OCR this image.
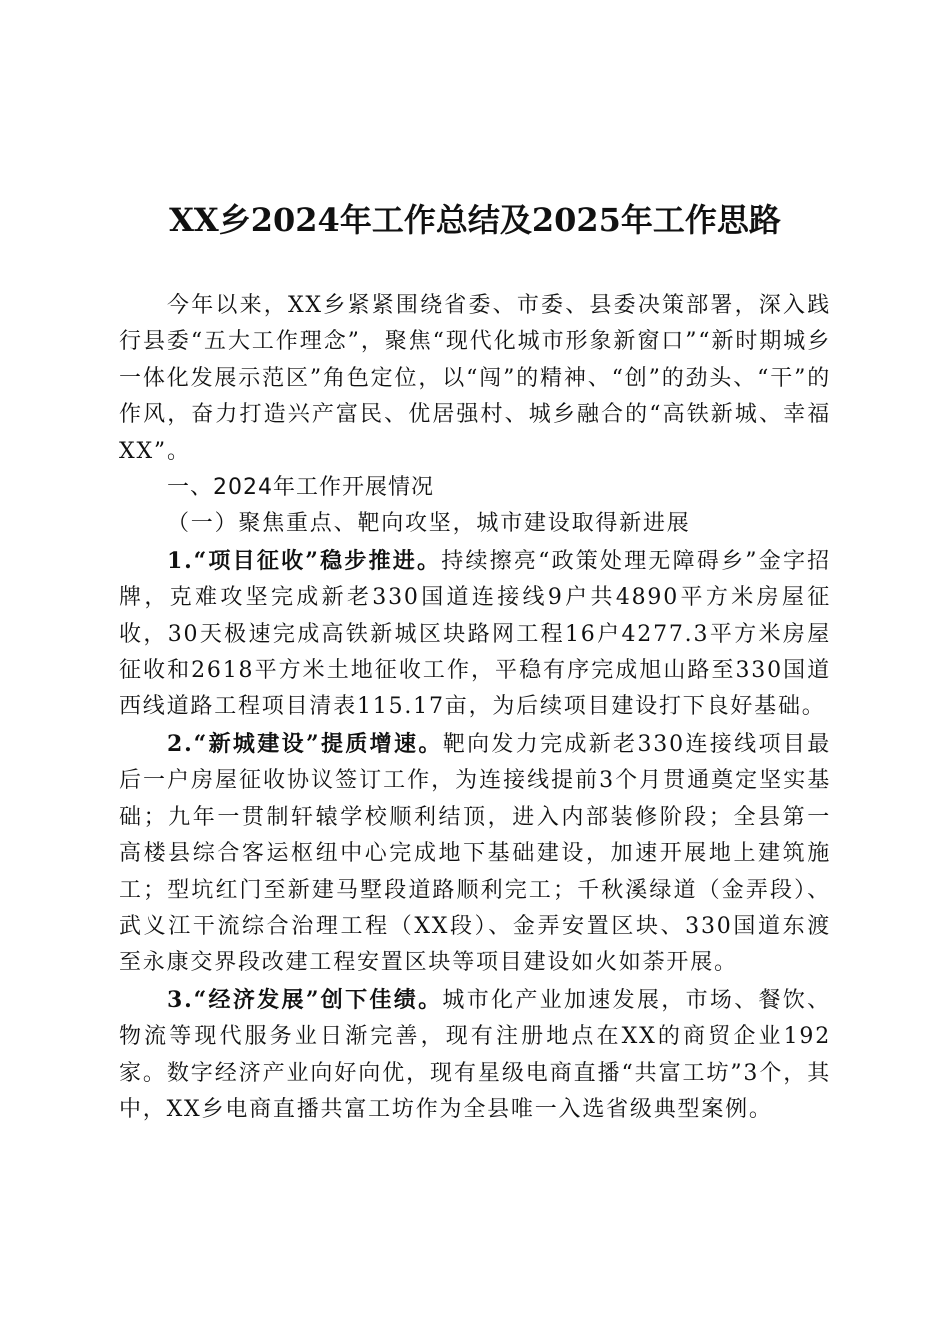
XX乡2024年工作总结及2025年工作思路

今年以来，XX乡紧紧围绕省委、市委、县委决策部署，深入践行县委“五大工作理念”，聚焦“现代化城市形象新窗口”“新时期城乡一体化发展示范区”角色定位，以“闯”的精神、“创”的劲头、“干”的作风，奋力打造兴产富民、优居强村、城乡融合的“高铁新城、幸福XX”。

一、2024年工作开展情况

（一）聚焦重点、靶向攻坚，城市建设取得新进展

1.“项目征收”稳步推进。持续擦亮“政策处理无障碍乡”金字招牌，克难攻坚完成新老330国道连接线9户共4890平方米房屋征收，30天极速完成高铁新城区块路网工程16户4277.3平方米房屋征收和2618平方米土地征收工作，平稳有序完成旭山路至330国道西线道路工程项目清表115.17亩，为后续项目建设打下良好基础。

2.“新城建设”提质增速。靶向发力完成新老330连接线项目最后一户房屋征收协议签订工作，为连接线提前3个月贯通奠定坚实基础；九年一贯制轩辕学校顺利结顶，进入内部装修阶段；全县第一高楼县综合客运枢纽中心完成地下基础建设，加速开展地上建筑施工；型坑红门至新建马墅段道路顺利完工；千秋溪绿道（金弄段）、武义江干流综合治理工程（XX段）、金弄安置区块、330国道东渡至永康交界段改建工程安置区块等项目建设如火如荼开展。

3.“经济发展”创下佳绩。城市化产业加速发展，市场、餐饮、物流等现代服务业日渐完善，现有注册地点在XX的商贸企业192家。数字经济产业向好向优，现有星级电商直播“共富工坊”3个，其中，XX乡电商直播共富工坊作为全县唯一入选省级典型案例。
